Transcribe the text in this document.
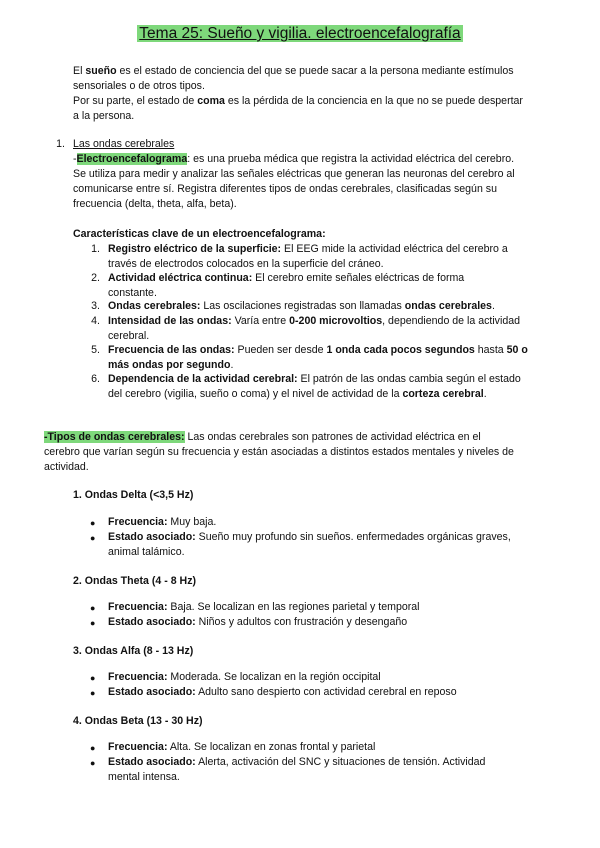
Tema 25: Sueño y vigilia. electroencefalografía

El sueño es el estado de conciencia del que se puede sacar a la persona mediante estímulos sensoriales o de otros tipos.

Por su parte, el estado de coma es la pérdida de la conciencia en la que no se puede despertar a la persona.

1. Las ondas cerebrales

-Electroencefalograma: es una prueba médica que registra la actividad eléctrica del cerebro. Se utiliza para medir y analizar las señales eléctricas que generan las neuronas del cerebro al comunicarse entre sí. Registra diferentes tipos de ondas cerebrales, clasificadas según su frecuencia (delta, theta, alfa, beta).

Características clave de un electroencefalograma:
1. Registro eléctrico de la superficie: El EEG mide la actividad eléctrica del cerebro a través de electrodos colocados en la superficie del cráneo.

2. Actividad eléctrica continua: El cerebro emite señales eléctricas de forma constante.

3. Ondas cerebrales: Las oscilaciones registradas son llamadas ondas cerebrales.

4. Intensidad de las ondas: Varía entre 0-200 microvoltios, dependiendo de la actividad cerebral.

5. Frecuencia de las ondas: Pueden ser desde 1 onda cada pocos segundos hasta 50 o más ondas por segundo.

6. Dependencia de la actividad cerebral: El patrón de las ondas cambia según el estado del cerebro (vigilia, sueño o coma) y el nivel de actividad de la corteza cerebral.

-Tipos de ondas cerebrales: Las ondas cerebrales son patrones de actividad eléctrica en el cerebro que varían según su frecuencia y están asociadas a distintos estados mentales y niveles de actividad.

1. Ondas Delta (<3,5 Hz)
● Frecuencia: Muy baja.

● Estado asociado: Sueño muy profundo sin sueños. enfermedades orgánicas graves, animal talámico.

2. Ondas Theta (4 - 8 Hz)
● Frecuencia: Baja. Se localizan en las regiones parietal y temporal

● Estado asociado: Niños y adultos con frustración y desengaño

3. Ondas Alfa (8 - 13 Hz)
● Frecuencia: Moderada. Se localizan en la región occipital

● Estado asociado: Adulto sano despierto con actividad cerebral en reposo

4. Ondas Beta (13 - 30 Hz)
● Frecuencia: Alta. Se localizan en zonas frontal y parietal

● Estado asociado: Alerta, activación del SNC y situaciones de tensión. Actividad mental intensa.
